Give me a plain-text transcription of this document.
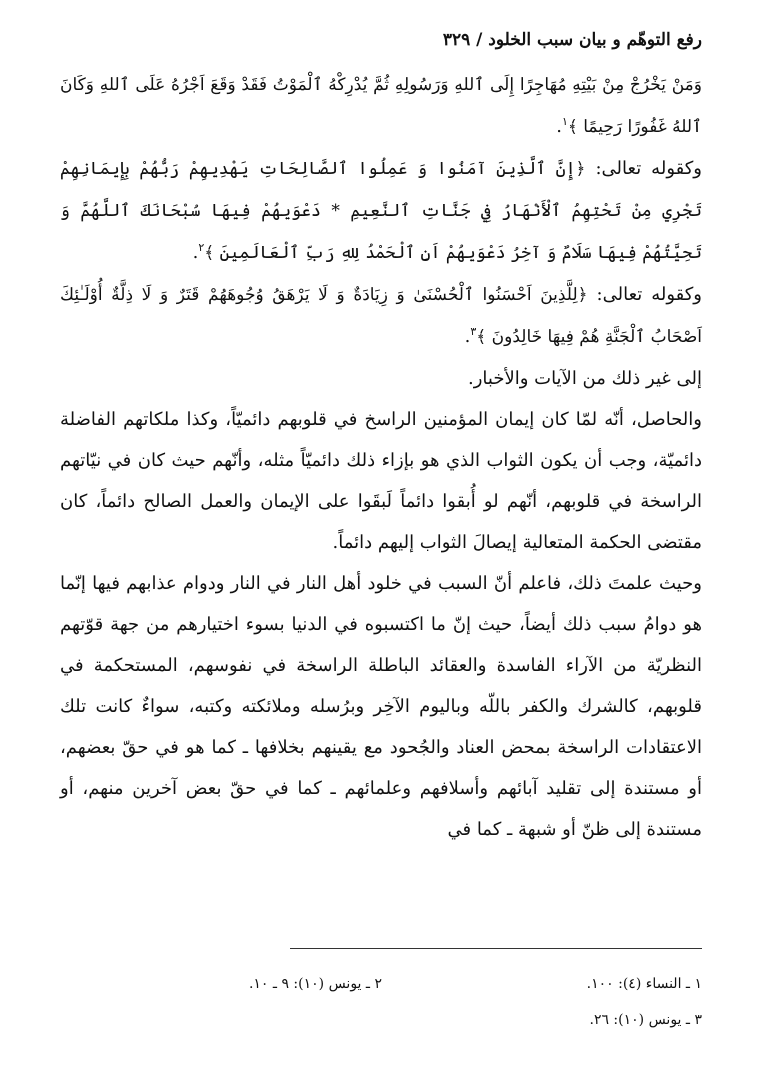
رفع التوهّم و بيان سبب الخلود / ٣٢٩

وَمَنْ يَخْرُجْ مِنْ بَيْتِهِ مُهَاجِرًا إِلَى ٱللهِ وَرَسُولِهِ ثُمَّ يُدْرِكْهُ ٱلْمَوْتُ فَقَدْ وَقَعَ اَجْرُهُ عَلَى ٱللهِ وَكَانَ ٱللهُ غَفُورًا رَحِيمًا ﴾$^١$.

وكقوله تعالى: ﴿إِنَّ ٱلَّذِينَ آمَنُوا وَ عَمِلُوا ٱلصَّالِحَاتِ يَهْدِيهِمْ رَبُّهُمْ بِإِيمَانِهِمْ تَجْرِي مِنْ تَحْتِهِمُ ٱلْأَنْهَارُ فِي جَنَّاتِ ٱلنَّعِيمِ * دَعْوَيهُمْ فِيهَا سُبْحَانَكَ ٱللَّهُمَّ وَ تَحِيَّتُهُمْ فِيهَا سَلَامٌ وَ آخِرُ دَعْوَيهُمْ اَنِ ٱلْحَمْدُ لِلهِ رَبِّ ٱلْعَالَمِينَ ﴾$^٢$.

وكقوله تعالى: ﴿لِلَّذِينَ اَحْسَنُوا ٱلْحُسْنَىٰ وَ زِيَادَةٌ وَ لَا يَرْهَقُ وُجُوهَهُمْ قَتَرٌ وَ لَا ذِلَّةٌ أُوْلَـٰئِكَ اَصْحَابُ ٱلْجَنَّةِ هُمْ فِيهَا خَالِدُونَ ﴾$^٣$.

إلى غير ذلك من الآيات والأخبار.

والحاصل، أنّه لمّا كان إيمان المؤمنين الراسخ في قلوبهم دائميّاً، وكذا ملكاتهم الفاضلة دائميّة، وجب أن يكون الثواب الذي هو بإزاء ذلك دائميّاً مثله، وأنّهم حيث كان في نيّاتهم الراسخة في قلوبهم، أنّهم لو أُبقوا دائماً لَبقَوا على الإيمان والعمل الصالح دائماً، كان مقتضى الحكمة المتعالية إيصالَ الثواب إليهم دائماً.

وحيث علمتَ ذلك، فاعلم أنّ السبب في خلود أهل النار في النار ودوام عذابهم فيها إنّما هو دوامُ سبب ذلك أيضاً، حيث إنّ ما اكتسبوه في الدنيا بسوء اختيارهم من جهة قوّتهم النظريّة من الآراء الفاسدة والعقائد الباطلة الراسخة في نفوسهم، المستحكمة في قلوبهم، كالشرك والكفر باللّه وباليوم الآخِر وبرُسله وملائكته وكتبه، سواءٌ كانت تلك الاعتقادات الراسخة بمحض العناد والجُحود مع يقينهم بخلافها ـ كما هو في حقّ بعضهم، أو مستندة إلى تقليد آبائهم وأسلافهم وعلمائهم ـ كما في حقّ بعض آخرين منهم، أو مستندة إلى ظنّ أو شبهة ـ كما في

١ ـ النساء (٤): ١٠٠.
٢ ـ يونس (١٠): ٩ ـ ١٠.
٣ ـ يونس (١٠): ٢٦.
